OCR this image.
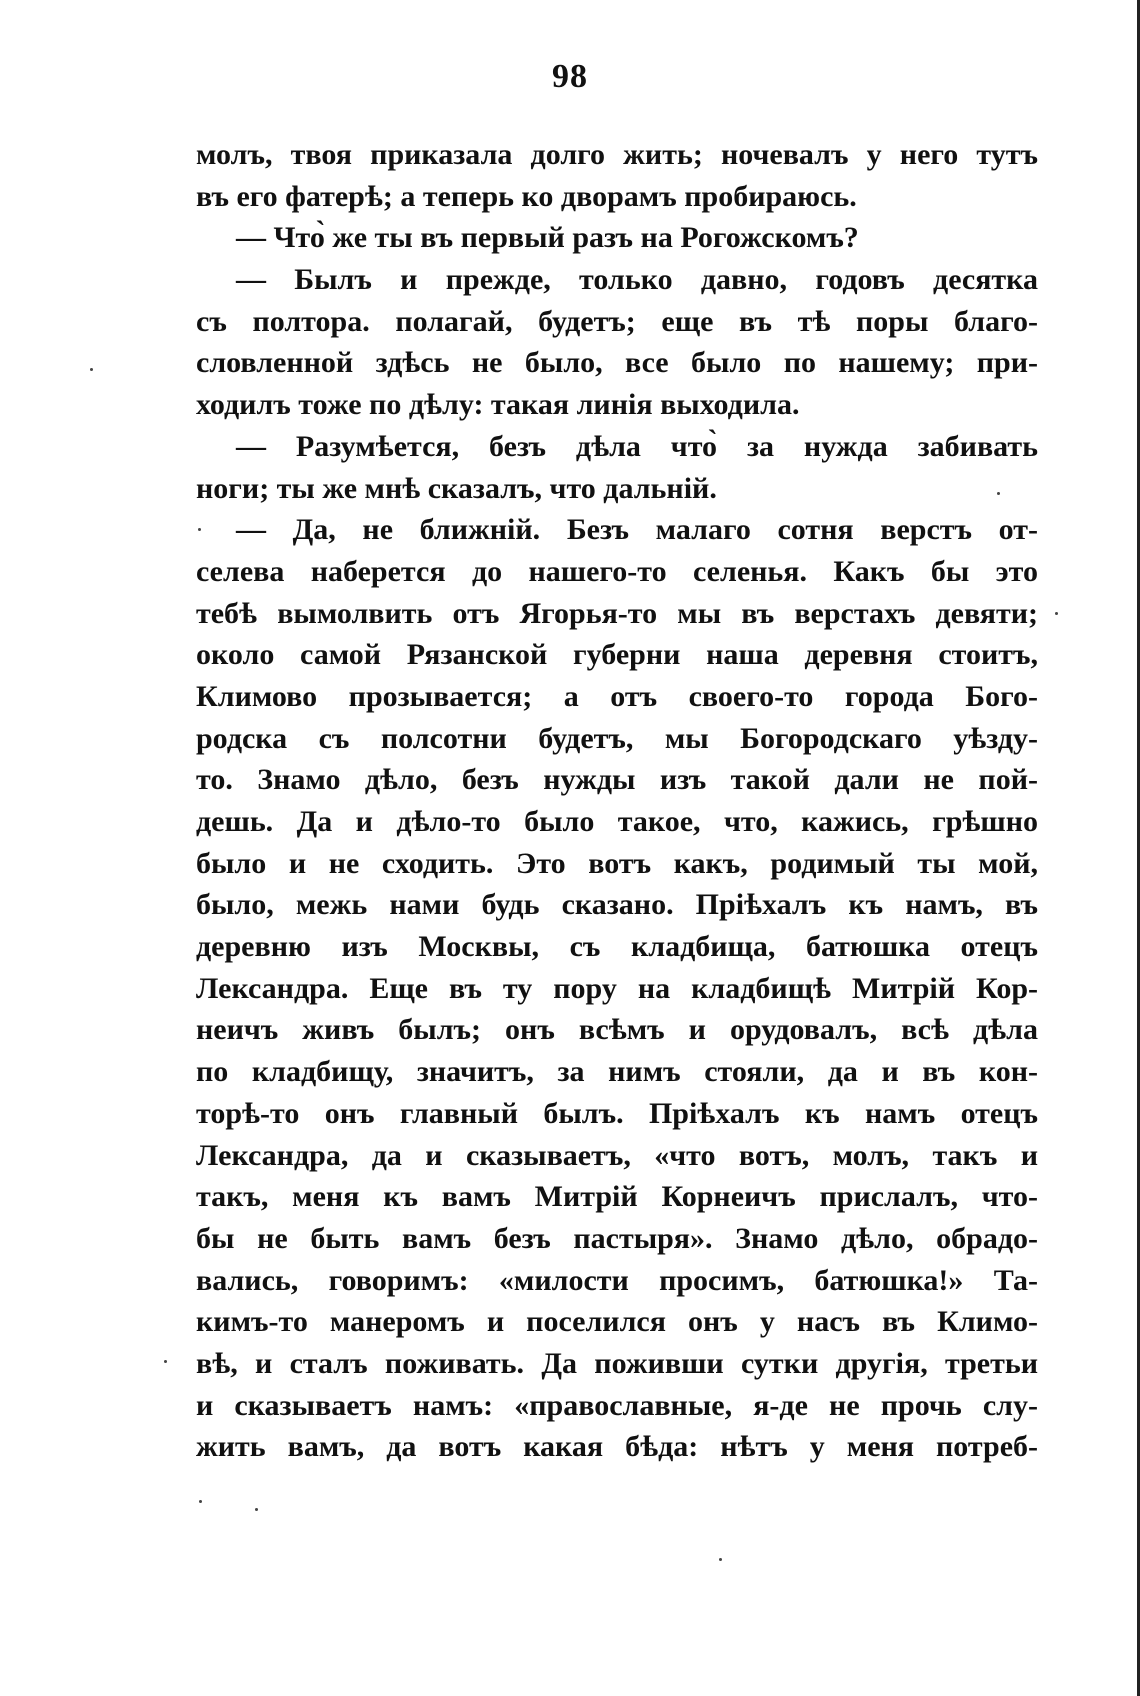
98
молъ, твоя приказала долго жить; ночевалъ у него тутъ
въ его фатерѣ; а теперь ко дворамъ пробираюсь.
— Что̀ же ты въ первый разъ на Рогожскомъ?
— Былъ и прежде, только давно, годовъ десятка
съ полтора. полагай, будетъ; еще въ тѣ поры благо-
словленной здѣсь не было, все было по нашему; при-
ходилъ тоже по дѣлу: такая линія выходила.
— Разумѣется, безъ дѣла что̀ за нужда забивать
ноги; ты же мнѣ сказалъ, что дальній.
— Да, не ближній. Безъ малаго сотня верстъ от-
селева наберется до нашего-то селенья. Какъ бы это
тебѣ вымолвить отъ Ягорья-то мы въ верстахъ девяти;
около самой Рязанской губерни наша деревня стоитъ,
Климово прозывается; а отъ своего-то города Бого-
родска съ полсотни будетъ, мы Богородскаго уѣзду-
то. Знамо дѣло, безъ нужды изъ такой дали не пой-
дешь. Да и дѣло-то было такое, что, кажись, грѣшно
было и не сходить. Это вотъ какъ, родимый ты мой,
было, межь нами будь сказано. Пріѣхалъ къ намъ, въ
деревню изъ Москвы, съ кладбища, батюшка отецъ
Лександра. Еще въ ту пору на кладбищѣ Митрій Кор-
неичъ живъ былъ; онъ всѣмъ и орудовалъ, всѣ дѣла
по кладбищу, значитъ, за нимъ стояли, да и въ кон-
торѣ-то онъ главный былъ. Пріѣхалъ къ намъ отецъ
Лександра, да и сказываетъ, «что вотъ, молъ, такъ и
такъ, меня къ вамъ Митрій Корнеичъ прислалъ, что-
бы не быть вамъ безъ пастыря». Знамо дѣло, обрадо-
вались, говоримъ: «милости просимъ, батюшка!» Та-
кимъ-то манеромъ и поселился онъ у насъ въ Климо-
вѣ, и сталъ поживать. Да поживши сутки другія, третьи
и сказываетъ намъ: «православные, я-де не прочь слу-
жить вамъ, да вотъ какая бѣда: нѣтъ у меня потреб-
